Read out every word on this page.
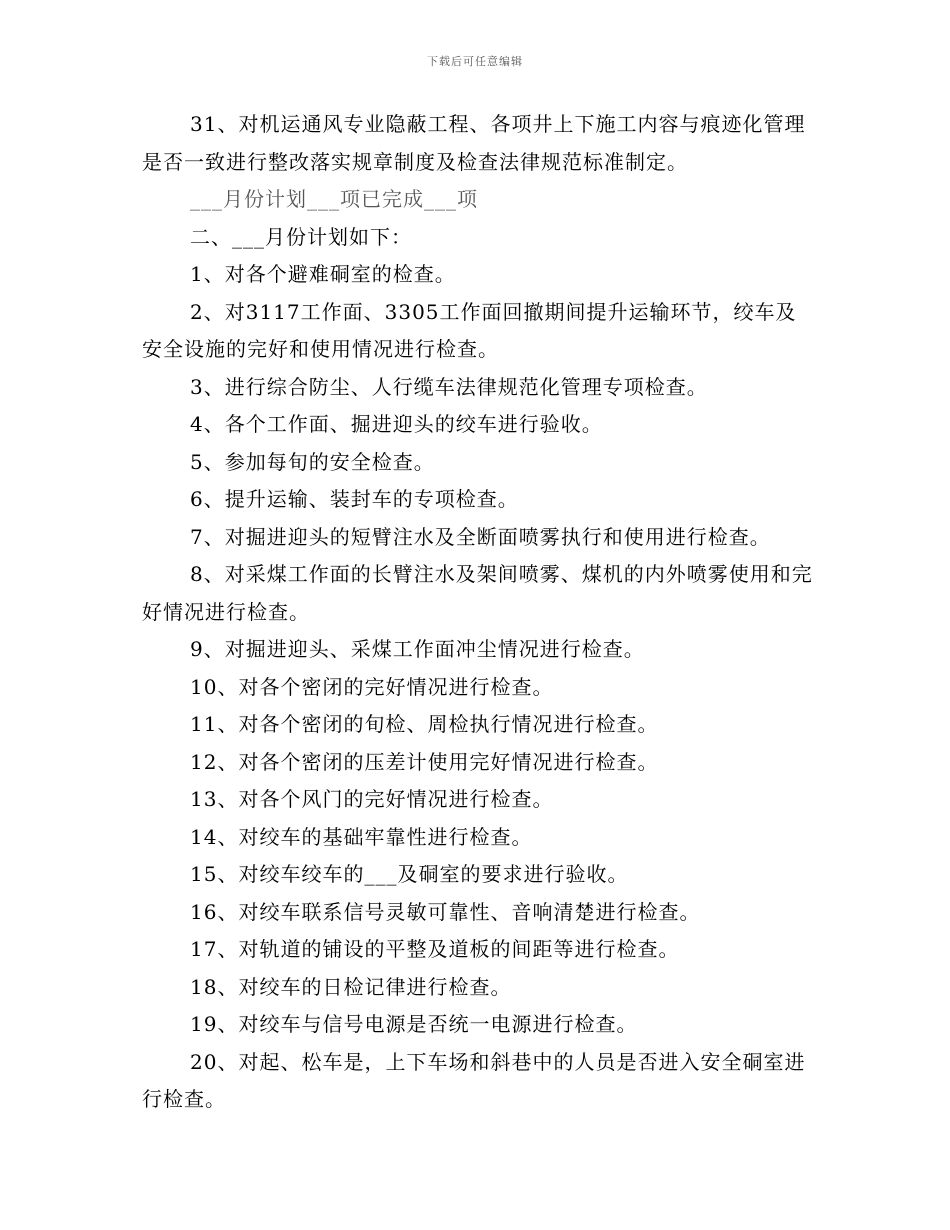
下载后可任意编辑

31、对机运通风专业隐蔽工程、各项井上下施工内容与痕迹化管理是否一致进行整改落实规章制度及检查法律规范标准制定。

___月份计划___项已完成___项

二、___月份计划如下：

1、对各个避难硐室的检查。

2、对3117工作面、3305工作面回撤期间提升运输环节，绞车及安全设施的完好和使用情况进行检查。

3、进行综合防尘、人行缆车法律规范化管理专项检查。

4、各个工作面、掘进迎头的绞车进行验收。

5、参加每旬的安全检查。

6、提升运输、装封车的专项检查。

7、对掘进迎头的短臂注水及全断面喷雾执行和使用进行检查。

8、对采煤工作面的长臂注水及架间喷雾、煤机的内外喷雾使用和完好情况进行检查。

9、对掘进迎头、采煤工作面冲尘情况进行检查。

10、对各个密闭的完好情况进行检查。

11、对各个密闭的旬检、周检执行情况进行检查。

12、对各个密闭的压差计使用完好情况进行检查。

13、对各个风门的完好情况进行检查。

14、对绞车的基础牢靠性进行检查。

15、对绞车绞车的___及硐室的要求进行验收。

16、对绞车联系信号灵敏可靠性、音响清楚进行检查。

17、对轨道的铺设的平整及道板的间距等进行检查。

18、对绞车的日检记律进行检查。

19、对绞车与信号电源是否统一电源进行检查。

20、对起、松车是，上下车场和斜巷中的人员是否进入安全硐室进行检查。
